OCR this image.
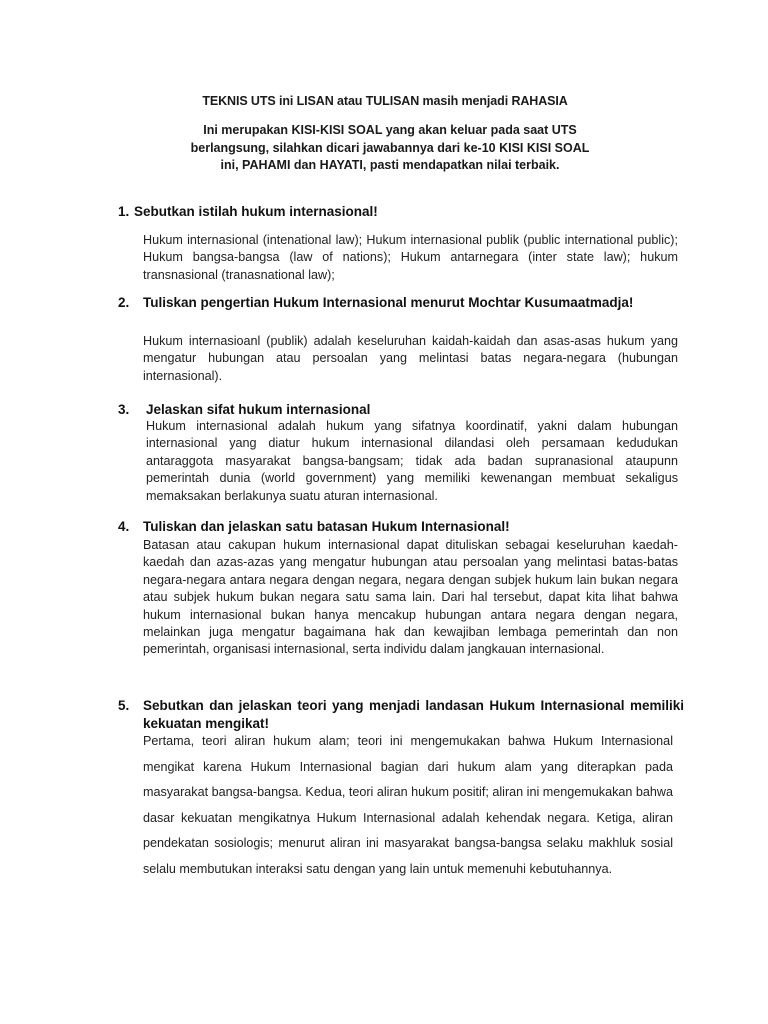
TEKNIS UTS ini LISAN atau TULISAN masih menjadi RAHASIA
Ini merupakan KISI-KISI SOAL yang akan keluar pada saat UTS berlangsung, silahkan dicari jawabannya dari ke-10 KISI KISI SOAL ini, PAHAMI dan HAYATI, pasti mendapatkan nilai terbaik.
1. Sebutkan istilah hukum internasional!
Hukum internasional (intenational law); Hukum internasional publik (public international public); Hukum bangsa-bangsa (law of nations); Hukum antarnegara (inter state law); hukum transnasional (tranasnational law);
2.	Tuliskan pengertian Hukum Internasional menurut Mochtar Kusumaatmadja!
Hukum internasioanl (publik) adalah keseluruhan kaidah-kaidah dan asas-asas hukum yang mengatur hubungan atau persoalan yang melintasi batas negara-negara (hubungan internasional).
3.	Jelaskan sifat hukum internasional
Hukum internasional adalah hukum yang sifatnya koordinatif, yakni dalam hubungan internasional yang diatur hukum internasional dilandasi oleh persamaan kedudukan antaraggota masyarakat bangsa-bangsam; tidak ada badan supranasional ataupunn pemerintah dunia (world government) yang memiliki kewenangan membuat sekaligus memaksakan berlakunya suatu aturan internasional.
4.	Tuliskan dan jelaskan satu batasan Hukum Internasional!
Batasan atau cakupan hukum internasional dapat dituliskan sebagai keseluruhan kaedah-kaedah dan azas-azas yang mengatur hubungan atau persoalan yang melintasi batas-batas negara-negara antara negara dengan negara, negara dengan subjek hukum lain bukan negara atau subjek hukum bukan negara satu sama lain. Dari hal tersebut, dapat kita lihat bahwa hukum internasional bukan hanya mencakup hubungan antara negara dengan negara, melainkan juga mengatur bagaimana hak dan kewajiban lembaga pemerintah dan non pemerintah, organisasi internasional, serta individu dalam jangkauan internasional.
5.	Sebutkan dan jelaskan teori yang menjadi landasan Hukum Internasional memiliki kekuatan mengikat!
Pertama, teori aliran hukum alam; teori ini mengemukakan bahwa Hukum Internasional mengikat karena Hukum Internasional bagian dari hukum alam yang diterapkan pada masyarakat bangsa-bangsa. Kedua, teori aliran hukum positif; aliran ini mengemukakan bahwa dasar kekuatan mengikatnya Hukum Internasional adalah kehendak negara. Ketiga, aliran pendekatan sosiologis; menurut aliran ini masyarakat bangsa-bangsa selaku makhluk sosial selalu membutukan interaksi satu dengan yang lain untuk memenuhi kebutuhannya.
